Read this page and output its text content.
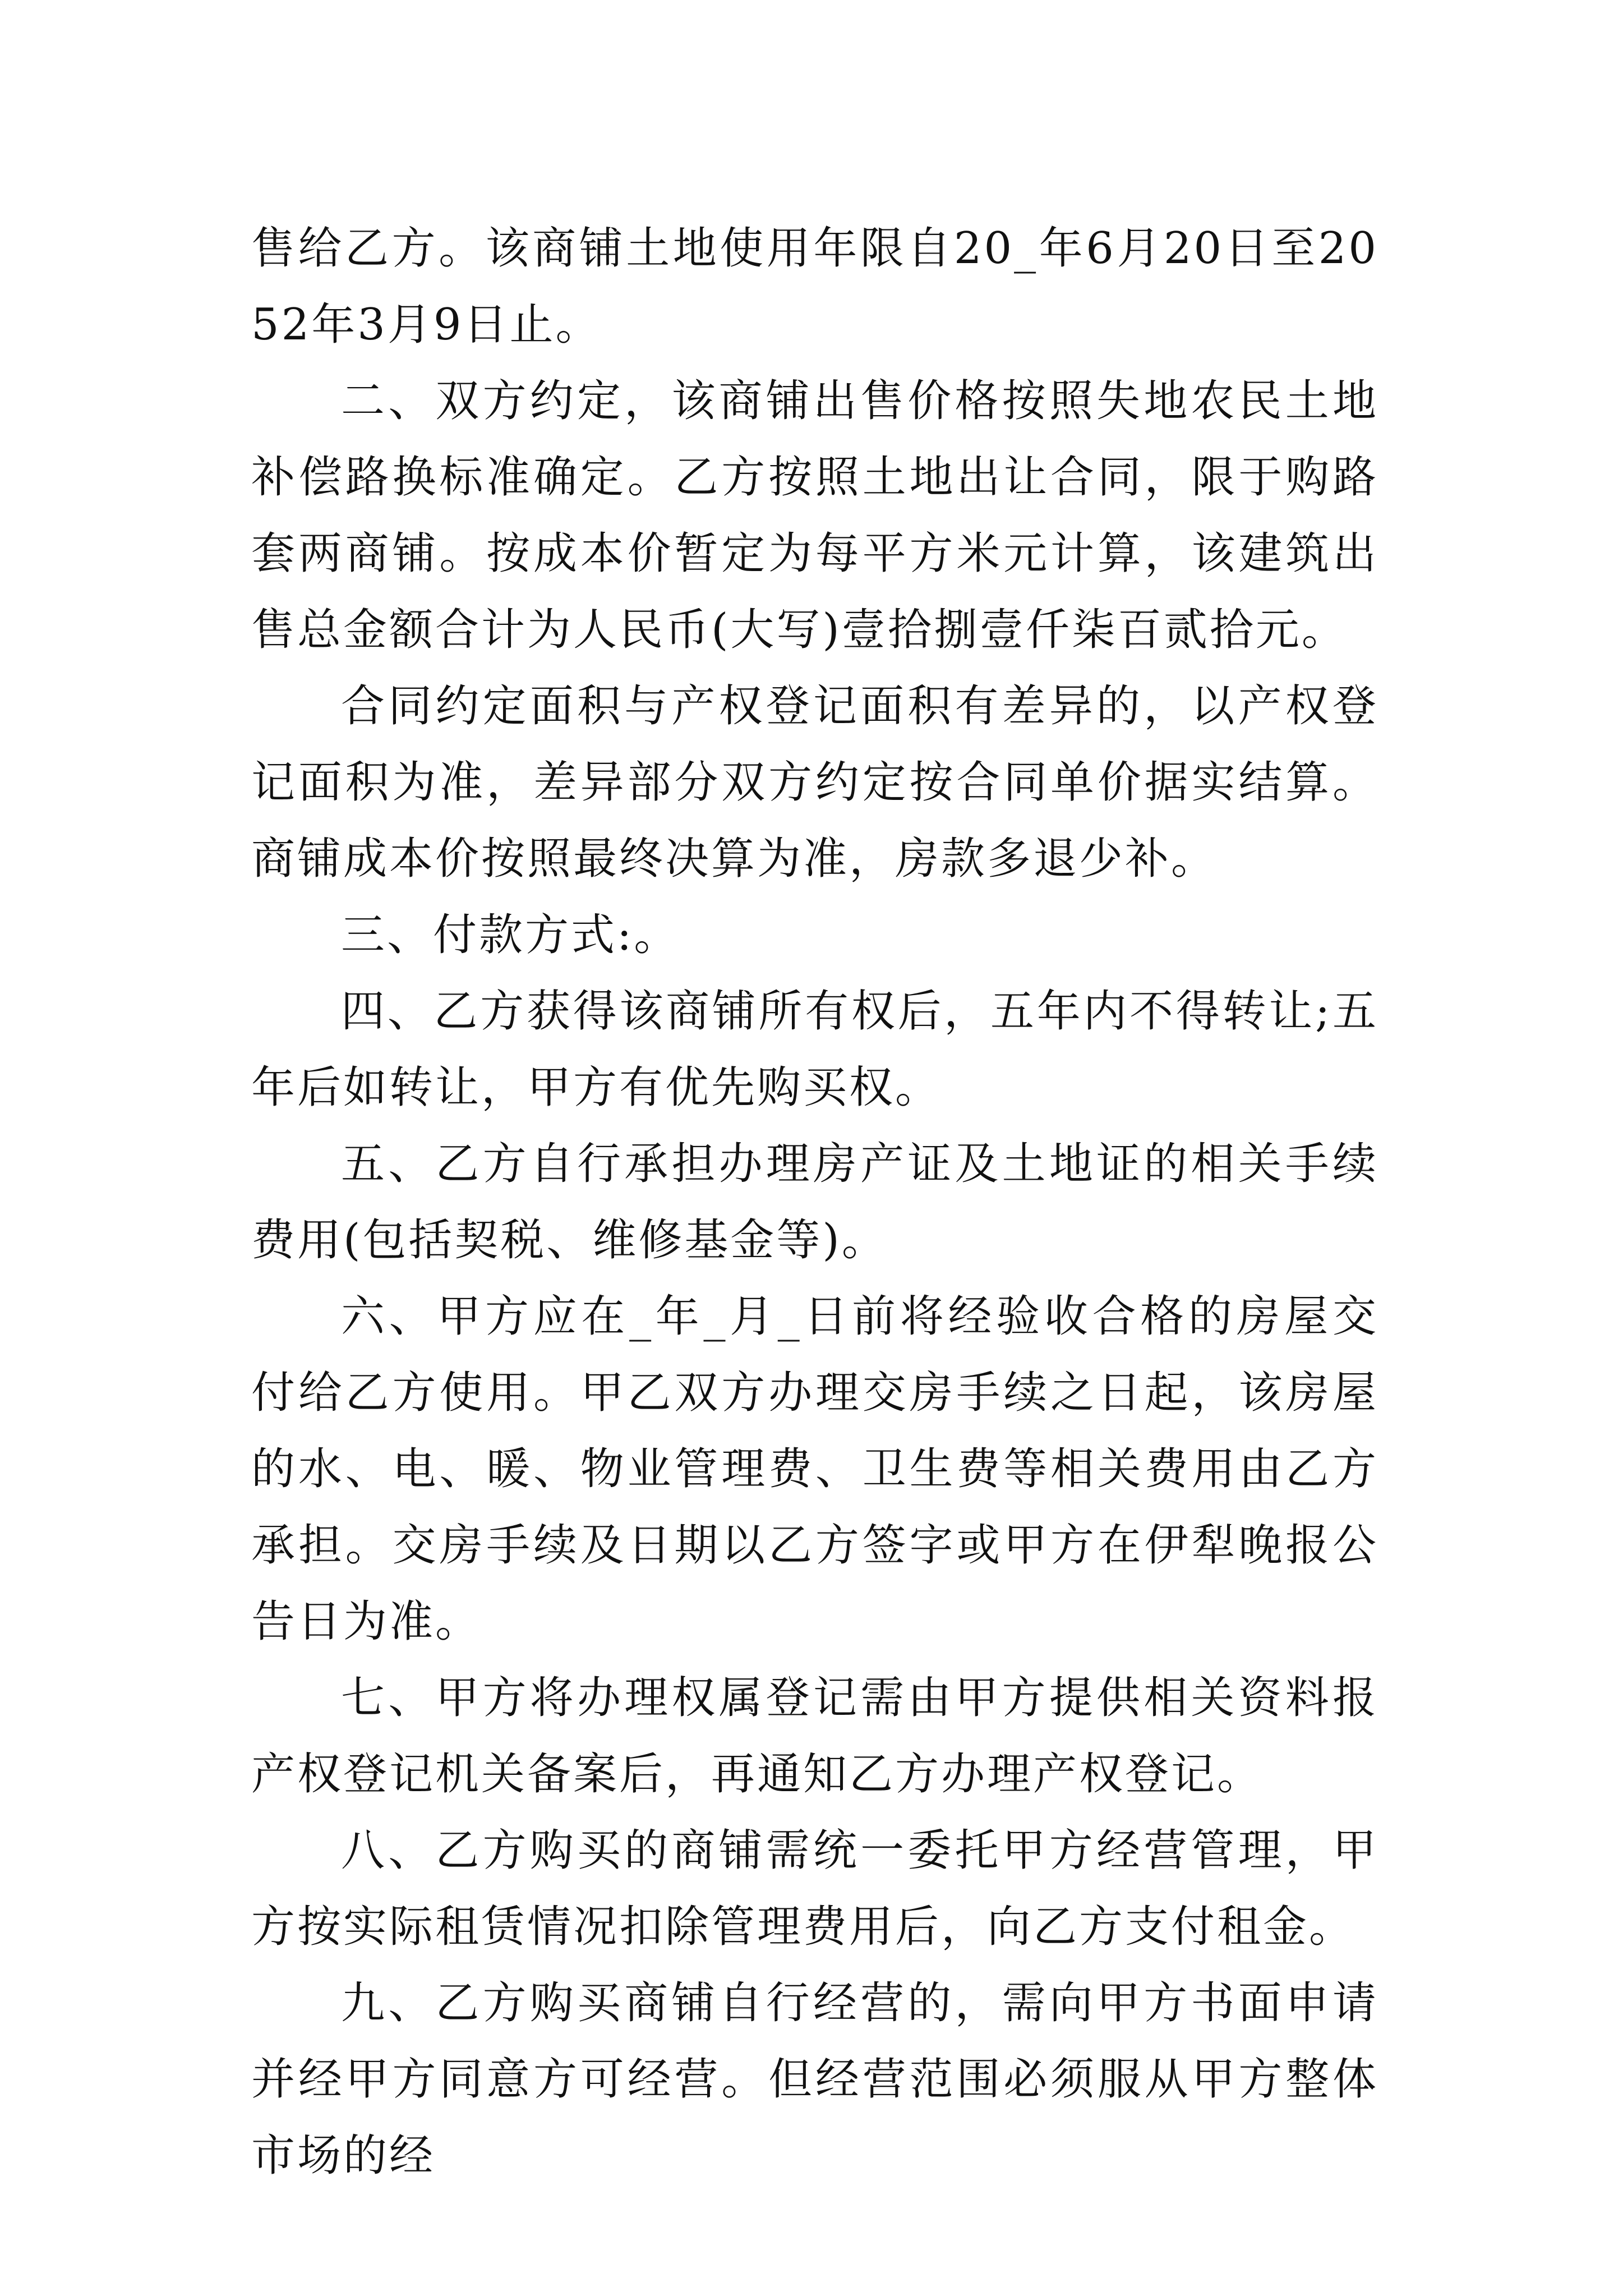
售给乙方。该商铺土地使用年限自20_年6月20日至2052年3月9日止。

二、双方约定，该商铺出售价格按照失地农民土地补偿路换标准确定。乙方按照土地出让合同，限于购路套两商铺。按成本价暂定为每平方米元计算，该建筑出售总金额合计为人民币(大写)壹拾捌壹仟柒百贰拾元。

合同约定面积与产权登记面积有差异的，以产权登记面积为准，差异部分双方约定按合同单价据实结算。商铺成本价按照最终决算为准，房款多退少补。

三、付款方式:。

四、乙方获得该商铺所有权后，五年内不得转让;五年后如转让，甲方有优先购买权。

五、乙方自行承担办理房产证及土地证的相关手续费用(包括契税、维修基金等)。

六、甲方应在_年_月_日前将经验收合格的房屋交付给乙方使用。甲乙双方办理交房手续之日起，该房屋的水、电、暖、物业管理费、卫生费等相关费用由乙方承担。交房手续及日期以乙方签字或甲方在伊犁晚报公告日为准。

七、甲方将办理权属登记需由甲方提供相关资料报产权登记机关备案后，再通知乙方办理产权登记。

八、乙方购买的商铺需统一委托甲方经营管理，甲方按实际租赁情况扣除管理费用后，向乙方支付租金。

九、乙方购买商铺自行经营的，需向甲方书面申请并经甲方同意方可经营。但经营范围必须服从甲方整体市场的经
